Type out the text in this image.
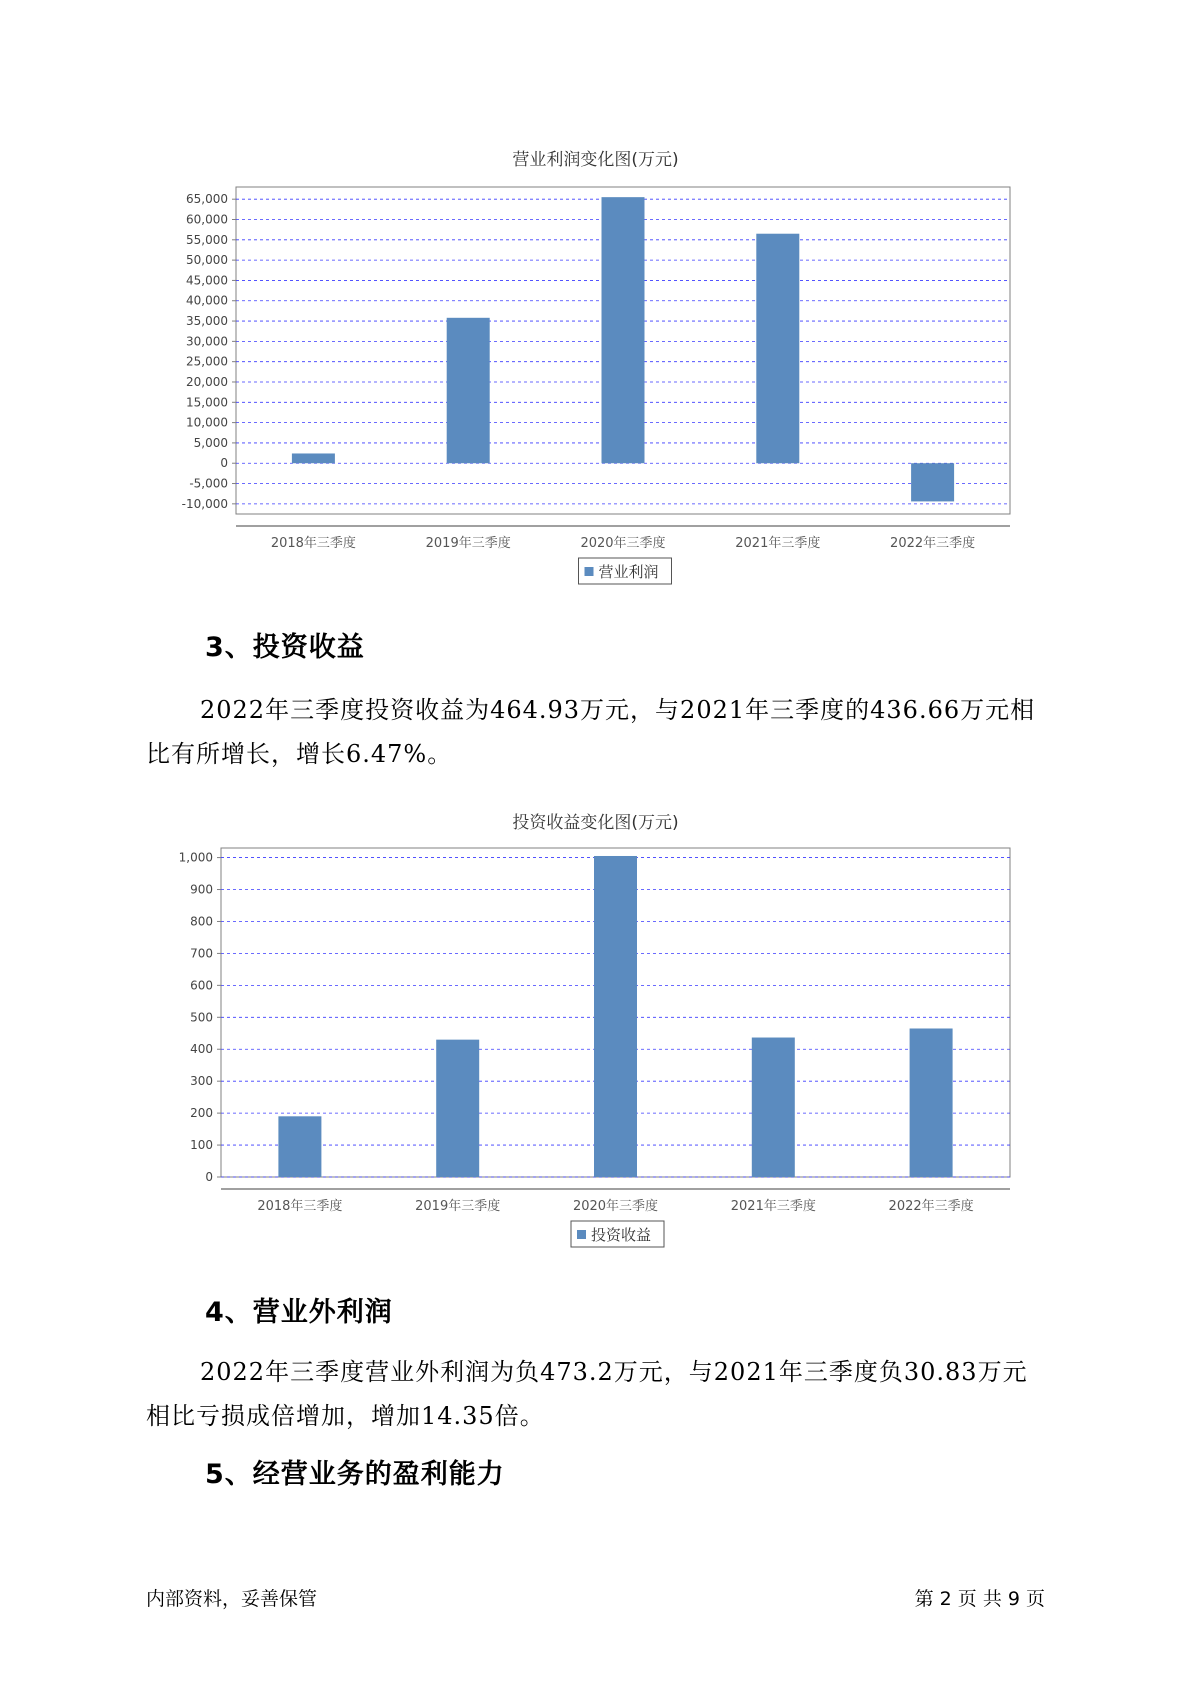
营业利润变化图(万元)
-10,000
-5,000
0
5,000
10,000
15,000
20,000
25,000
30,000
35,000
40,000
45,000
50,000
55,000
60,000
65,000
2018年三季度	2019年三季度	2020年三季度	2021年三季度	2022年三季度
营业利润
3、投资收益
2022年三季度投资收益为464.93万元，与2021年三季度的436.66万元相比有所增长，增长6.47%。
投资收益变化图(万元)
0
100
200
300
400
500
600
700
800
900
1,000
2018年三季度	2019年三季度	2020年三季度	2021年三季度	2022年三季度
投资收益
4、营业外利润
2022年三季度营业外利润为负473.2万元，与2021年三季度负30.83万元相比亏损成倍增加，增加14.35倍。
5、经营业务的盈利能力
内部资料，妥善保管	第 2 页 共 9 页
